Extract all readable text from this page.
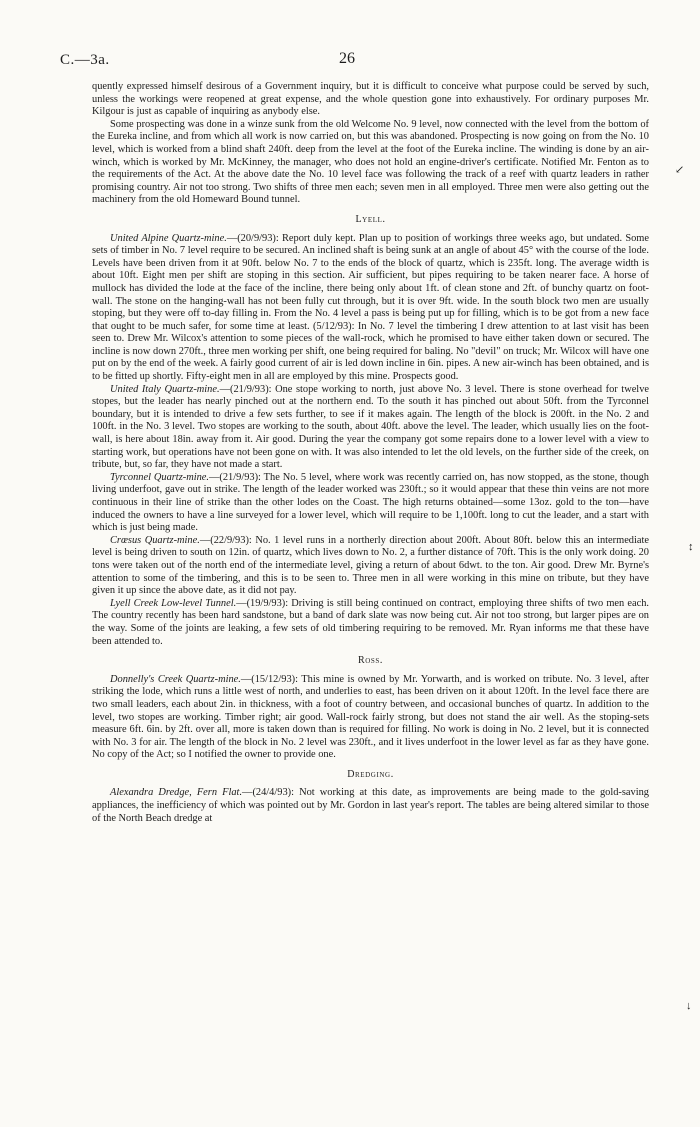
C.—3a.	26
↙
↕
↓

quently expressed himself desirous of a Government inquiry, but it is difficult to conceive what purpose could be served by such, unless the workings were reopened at great expense, and the whole question gone into exhaustively. For ordinary purposes Mr. Kilgour is just as capable of inquiring as anybody else.

Some prospecting was done in a winze sunk from the old Welcome No. 9 level, now connected with the level from the bottom of the Eureka incline, and from which all work is now carried on, but this was abandoned. Prospecting is now going on from the No. 10 level, which is worked from a blind shaft 240ft. deep from the level at the foot of the Eureka incline. The winding is done by an air-winch, which is worked by Mr. McKinney, the manager, who does not hold an engine-driver's certificate. Notified Mr. Fenton as to the requirements of the Act. At the above date the No. 10 level face was following the track of a reef with quartz leaders in rather promising country. Air not too strong. Two shifts of three men each; seven men in all employed. Three men were also getting out the machinery from the old Homeward Bound tunnel.

Lyell.

United Alpine Quartz-mine.—(20/9/93): Report duly kept. Plan up to position of workings three weeks ago, but undated. Some sets of timber in No. 7 level require to be secured. An inclined shaft is being sunk at an angle of about 45° with the course of the lode. Levels have been driven from it at 90ft. below No. 7 to the ends of the block of quartz, which is 235ft. long. The average width is about 10ft. Eight men per shift are stoping in this section. Air sufficient, but pipes requiring to be taken nearer face. A horse of mullock has divided the lode at the face of the incline, there being only about 1ft. of clean stone and 2ft. of bunchy quartz on foot-wall. The stone on the hanging-wall has not been fully cut through, but it is over 9ft. wide. In the south block two men are usually stoping, but they were off to-day filling in. From the No. 4 level a pass is being put up for filling, which is to be got from a new face that ought to be much safer, for some time at least. (5/12/93): In No. 7 level the timbering I drew attention to at last visit has been seen to. Drew Mr. Wilcox's attention to some pieces of the wall-rock, which he promised to have either taken down or secured. The incline is now down 270ft., three men working per shift, one being required for baling. No "devil" on truck; Mr. Wilcox will have one put on by the end of the week. A fairly good current of air is led down incline in 6in. pipes. A new air-winch has been obtained, and is to be fitted up shortly. Fifty-eight men in all are employed by this mine. Prospects good.

United Italy Quartz-mine.—(21/9/93): One stope working to north, just above No. 3 level. There is stone overhead for twelve stopes, but the leader has nearly pinched out at the northern end. To the south it has pinched out about 50ft. from the Tyrconnel boundary, but it is intended to drive a few sets further, to see if it makes again. The length of the block is 200ft. in the No. 2 and 100ft. in the No. 3 level. Two stopes are working to the south, about 40ft. above the level. The leader, which usually lies on the foot-wall, is here about 18in. away from it. Air good. During the year the company got some repairs done to a lower level with a view to starting work, but operations have not been gone on with. It was also intended to let the old levels, on the further side of the creek, on tribute, but, so far, they have not made a start.

Tyrconnel Quartz-mine.—(21/9/93): The No. 5 level, where work was recently carried on, has now stopped, as the stone, though living underfoot, gave out in strike. The length of the leader worked was 230ft.; so it would appear that these thin veins are not more continuous in their line of strike than the other lodes on the Coast. The high returns obtained—some 13oz. gold to the ton—have induced the owners to have a line surveyed for a lower level, which will require to be 1,100ft. long to cut the leader, and a start with which is just being made.

Crœsus Quartz-mine.—(22/9/93): No. 1 level runs in a northerly direction about 200ft. About 80ft. below this an intermediate level is being driven to south on 12in. of quartz, which lives down to No. 2, a further distance of 70ft. This is the only work doing. 20 tons were taken out of the north end of the intermediate level, giving a return of about 6dwt. to the ton. Air good. Drew Mr. Byrne's attention to some of the timbering, and this is to be seen to. Three men in all were working in this mine on tribute, but they have given it up since the above date, as it did not pay.

Lyell Creek Low-level Tunnel.—(19/9/93): Driving is still being continued on contract, employing three shifts of two men each. The country recently has been hard sandstone, but a band of dark slate was now being cut. Air not too strong, but larger pipes are on the way. Some of the joints are leaking, a few sets of old timbering requiring to be removed. Mr. Ryan informs me that these have been attended to.

Ross.

Donnelly's Creek Quartz-mine.—(15/12/93): This mine is owned by Mr. Yorwarth, and is worked on tribute. No. 3 level, after striking the lode, which runs a little west of north, and underlies to east, has been driven on it about 120ft. In the level face there are two small leaders, each about 2in. in thickness, with a foot of country between, and occasional bunches of quartz. In addition to the level, two stopes are working. Timber right; air good. Wall-rock fairly strong, but does not stand the air well. As the stoping-sets measure 6ft. 6in. by 2ft. over all, more is taken down than is required for filling. No work is doing in No. 2 level, but it is connected with No. 3 for air. The length of the block in No. 2 level was 230ft., and it lives underfoot in the lower level as far as they have gone. No copy of the Act; so I notified the owner to provide one.

Dredging.

Alexandra Dredge, Fern Flat.—(24/4/93): Not working at this date, as improvements are being made to the gold-saving appliances, the inefficiency of which was pointed out by Mr. Gordon in last year's report. The tables are being altered similar to those of the North Beach dredge at
